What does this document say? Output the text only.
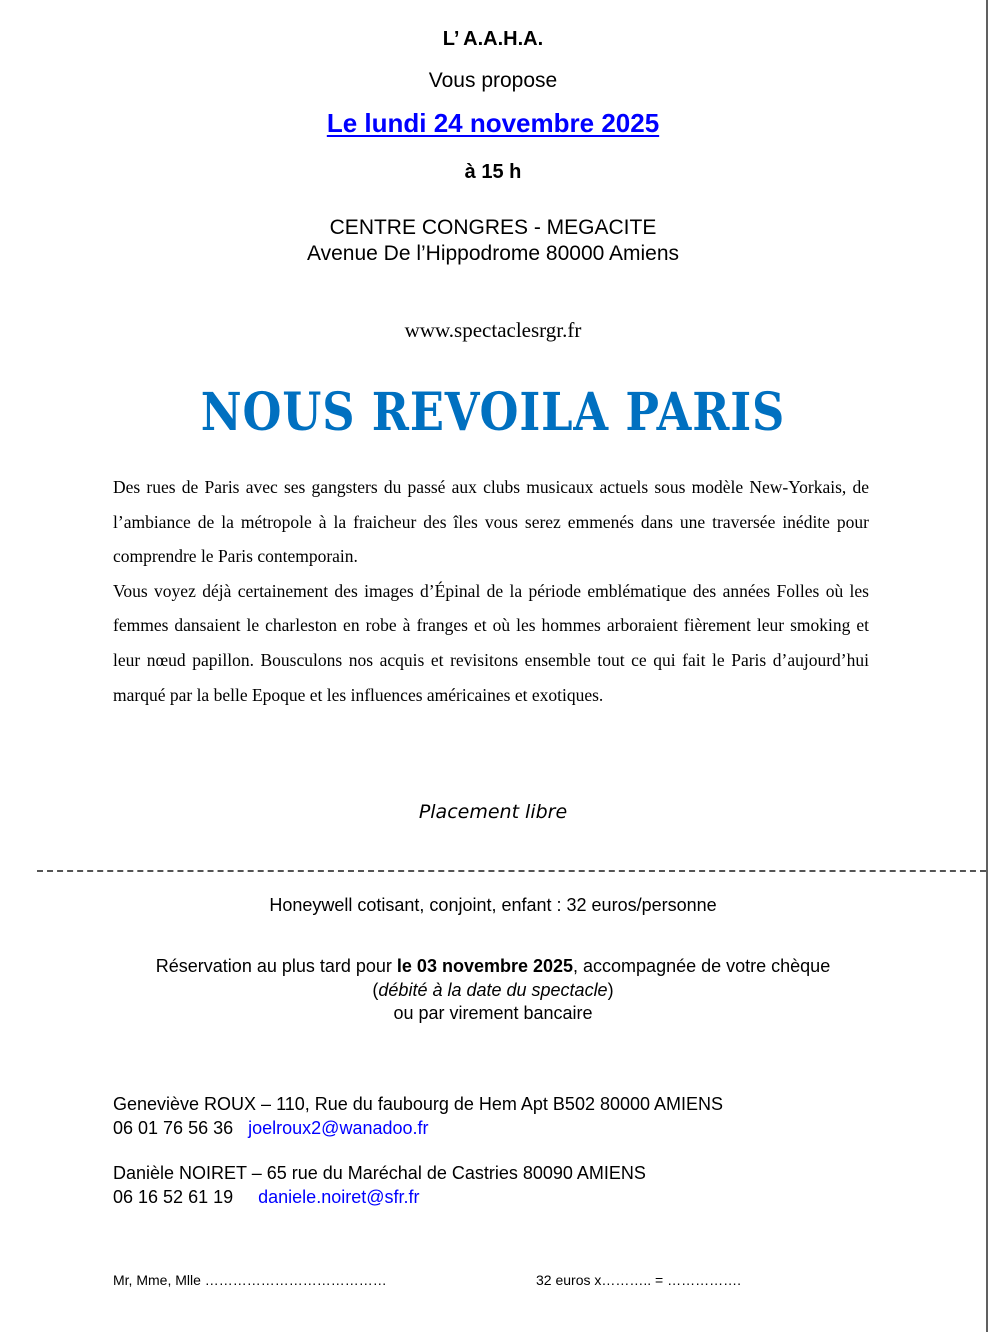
L’ A.A.H.A.
Vous propose
Le lundi 24 novembre 2025
à 15 h
CENTRE CONGRES - MEGACITE
Avenue De l’Hippodrome 80000 Amiens
www.spectaclesrgr.fr
NOUS REVOILA PARIS

Des rues de Paris avec ses gangsters du passé aux clubs musicaux actuels sous modèle New-Yorkais, de l’ambiance de la métropole à la fraicheur des îles vous serez emmenés dans une traversée inédite pour comprendre le Paris contemporain.

Vous voyez déjà certainement des images d’Épinal de la période emblématique des années Folles où les femmes dansaient le charleston en robe à franges et où les hommes arboraient fièrement leur smoking et leur nœud papillon. Bousculons nos acquis et revisitons ensemble tout ce qui fait le Paris d’aujourd’hui marqué par la belle Epoque et les influences américaines et exotiques.

Placement libre
Honeywell cotisant, conjoint, enfant : 32 euros/personne
Réservation au plus tard pour le 03 novembre 2025, accompagnée de votre chèque
(débité à la date du spectacle)
ou par virement bancaire
Geneviève ROUX – 110, Rue du faubourg de Hem Apt B502 80000 AMIENS
06 01 76 56 36 joelroux2@wanadoo.fr
Danièle NOIRET – 65 rue du Maréchal de Castries 80090 AMIENS
06 16 52 61 19 daniele.noiret@sfr.fr
Mr, Mme, Mlle …………………………………	32 euros x……….. = …………….
